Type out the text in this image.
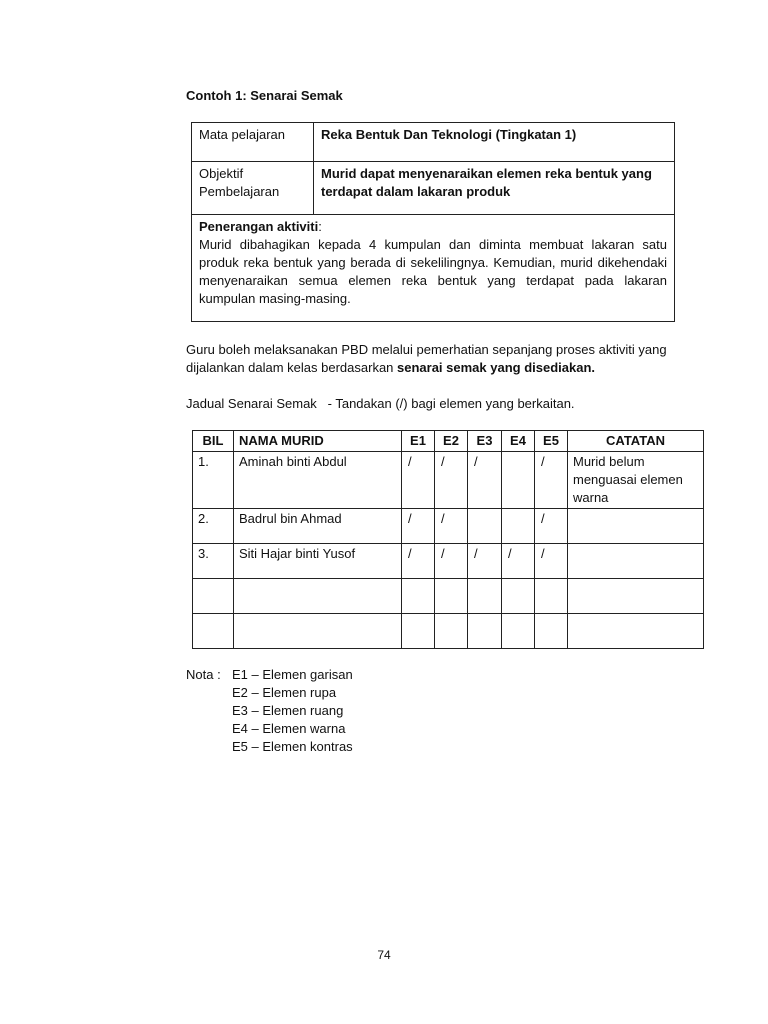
Contoh 1: Senarai Semak
Mata pelajaran	Reka Bentuk Dan Teknologi (Tingkatan 1)

Objektif
Pembelajaran	Murid dapat menyenaraikan elemen reka bentuk yang terdapat dalam lakaran produk

Penerangan aktiviti:
Murid dibahagikan kepada 4 kumpulan dan diminta membuat lakaran satu produk reka bentuk yang berada di sekelilingnya. Kemudian, murid dikehendaki menyenaraikan semua elemen reka bentuk yang terdapat pada lakaran kumpulan masing-masing.	
Guru boleh melaksanakan PBD melalui pemerhatian sepanjang proses aktiviti yang dijalankan dalam kelas berdasarkan senarai semak yang disediakan.
Jadual Senarai Semak   - Tandakan (/) bagi elemen yang berkaitan.
BIL	NAMA MURID	E1	E2	E3	E4	E5	CATATAN
1.	Aminah binti Abdul	/	/	/		/	Murid belum menguasai elemen warna
2.	Badrul bin Ahmad	/	/			/	
3.	Siti Hajar binti Yusof	/	/	/	/	/	

Nota : E1 – Elemen garisan
E2 – Elemen rupa
E3 – Elemen ruang
E4 – Elemen warna
E5 – Elemen kontras
74
